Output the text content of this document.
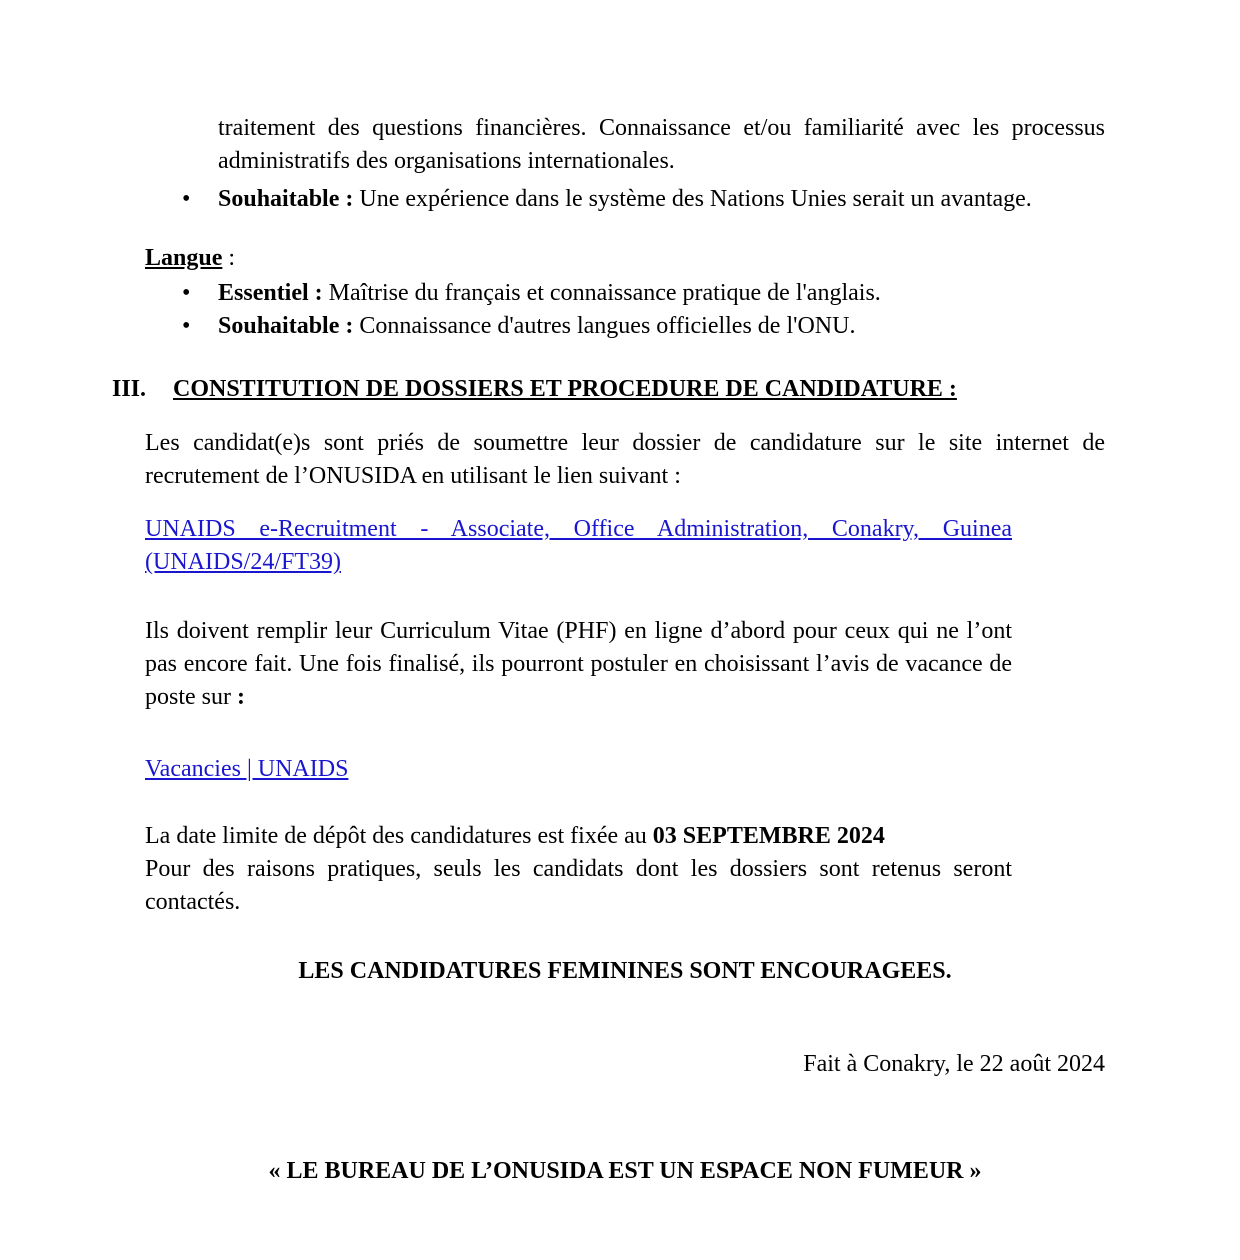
traitement des questions financières. Connaissance et/ou familiarité avec les processus administratifs des organisations internationales.
•	Souhaitable : Une expérience dans le système des Nations Unies serait un avantage.
Langue :
•	Essentiel : Maîtrise du français et connaissance pratique de l'anglais.
•	Souhaitable : Connaissance d'autres langues officielles de l'ONU.
III.	CONSTITUTION DE DOSSIERS ET PROCEDURE DE CANDIDATURE :
Les candidat(e)s sont priés de soumettre leur dossier de candidature sur le site internet de recrutement de l’ONUSIDA en utilisant le lien suivant :
UNAIDS e-Recruitment - Associate, Office Administration, Conakry, Guinea
(UNAIDS/24/FT39)
Ils doivent remplir leur Curriculum Vitae (PHF) en ligne d’abord pour ceux qui ne l’ont pas encore fait. Une fois finalisé, ils pourront postuler en choisissant l’avis de vacance de poste sur :
Vacancies | UNAIDS
La date limite de dépôt des candidatures est fixée au 03 SEPTEMBRE 2024
Pour des raisons pratiques, seuls les candidats dont les dossiers sont retenus seront contactés.
LES CANDIDATURES FEMININES SONT ENCOURAGEES.
Fait à Conakry, le 22 août 2024
« LE BUREAU DE L’ONUSIDA EST UN ESPACE NON FUMEUR »
